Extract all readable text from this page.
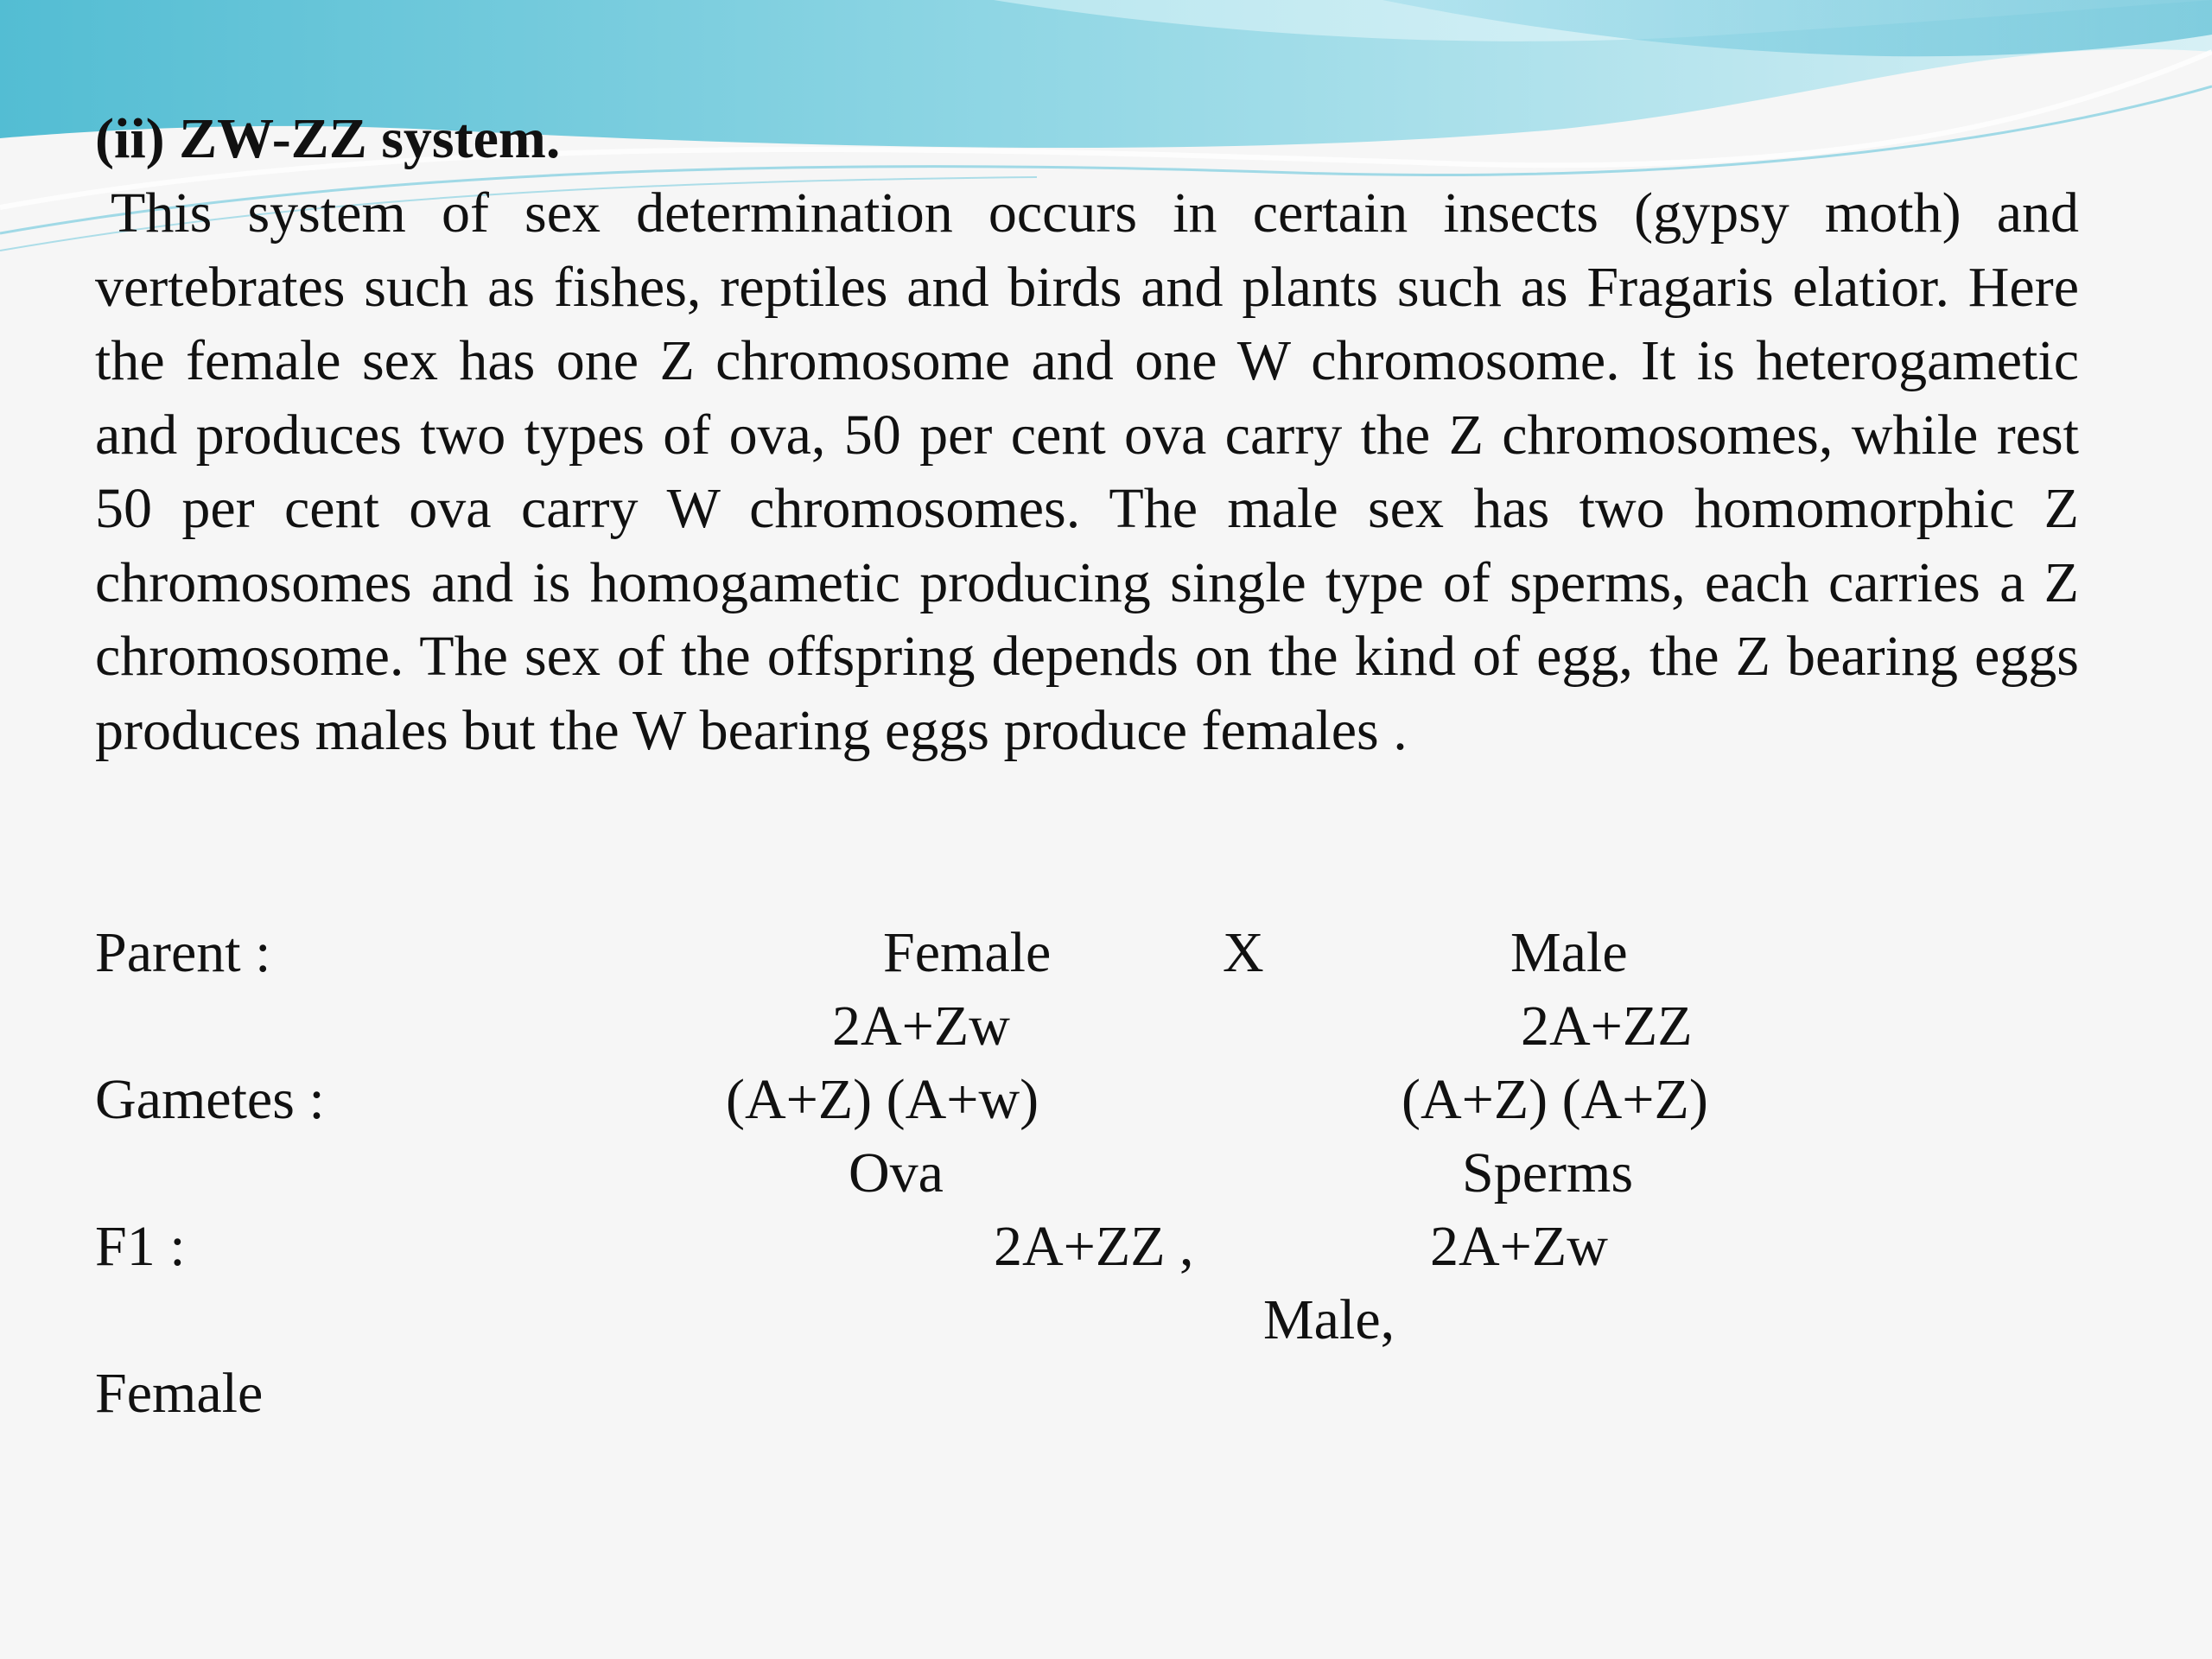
(ii) ZW-ZZ system.

This system of sex determination occurs in certain insects (gypsy moth) and vertebrates such as fishes, reptiles and birds and plants such as Fragaris elatior. Here the female sex has one Z chromosome and one W chromosome. It is heterogametic and produces two types of ova, 50 per cent ova carry the Z chromosomes, while rest 50 per cent ova carry W chromosomes. The male sex has two homomorphic Z chromosomes and is homogametic producing single type of sperms, each carries a Z chromosome. The sex of the offspring depends on the kind of egg, the Z bearing eggs produces males but the W bearing eggs produce females .

Parent :	Female	X	Male
2A+Zw	2A+ZZ
Gametes :	(A+Z) (A+w)	(A+Z) (A+Z)
Ova	Sperms
F1 :	2A+ZZ ,	2A+Zw
Male,
Female
